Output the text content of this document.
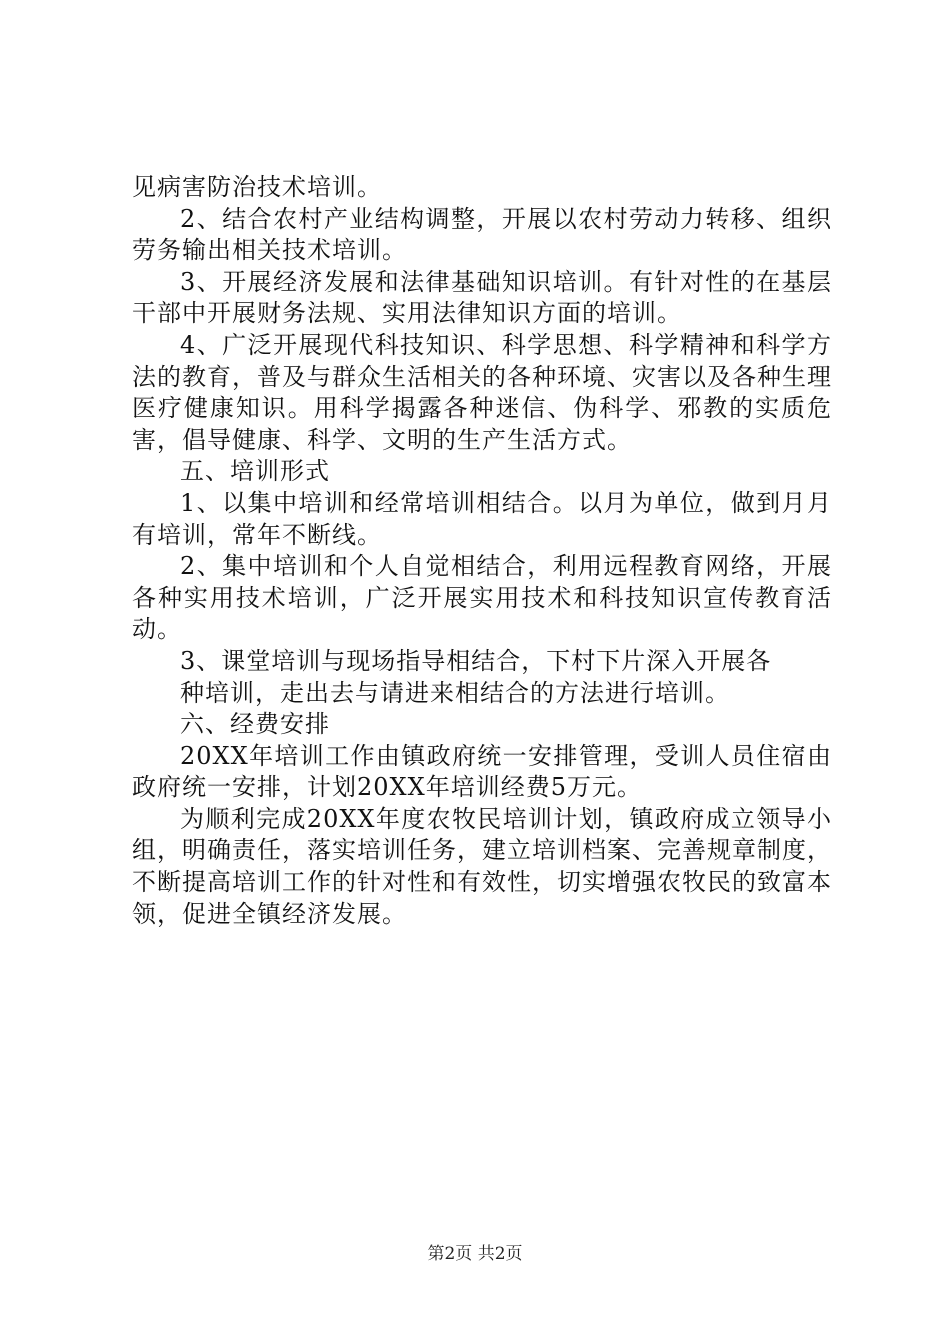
见病害防治技术培训。

2、结合农村产业结构调整，开展以农村劳动力转移、组织劳务输出相关技术培训。

3、开展经济发展和法律基础知识培训。有针对性的在基层干部中开展财务法规、实用法律知识方面的培训。

4、广泛开展现代科技知识、科学思想、科学精神和科学方法的教育，普及与群众生活相关的各种环境、灾害以及各种生理医疗健康知识。用科学揭露各种迷信、伪科学、邪教的实质危害，倡导健康、科学、文明的生产生活方式。

五、培训形式

1、以集中培训和经常培训相结合。以月为单位，做到月月有培训，常年不断线。

2、集中培训和个人自觉相结合，利用远程教育网络，开展各种实用技术培训，广泛开展实用技术和科技知识宣传教育活动。

3、课堂培训与现场指导相结合，下村下片深入开展各

种培训，走出去与请进来相结合的方法进行培训。

六、经费安排

20XX年培训工作由镇政府统一安排管理，受训人员住宿由政府统一安排，计划20XX年培训经费5万元。

为顺利完成20XX年度农牧民培训计划，镇政府成立领导小组，明确责任，落实培训任务，建立培训档案、完善规章制度，不断提高培训工作的针对性和有效性，切实增强农牧民的致富本领，促进全镇经济发展。

第2页 共2页
